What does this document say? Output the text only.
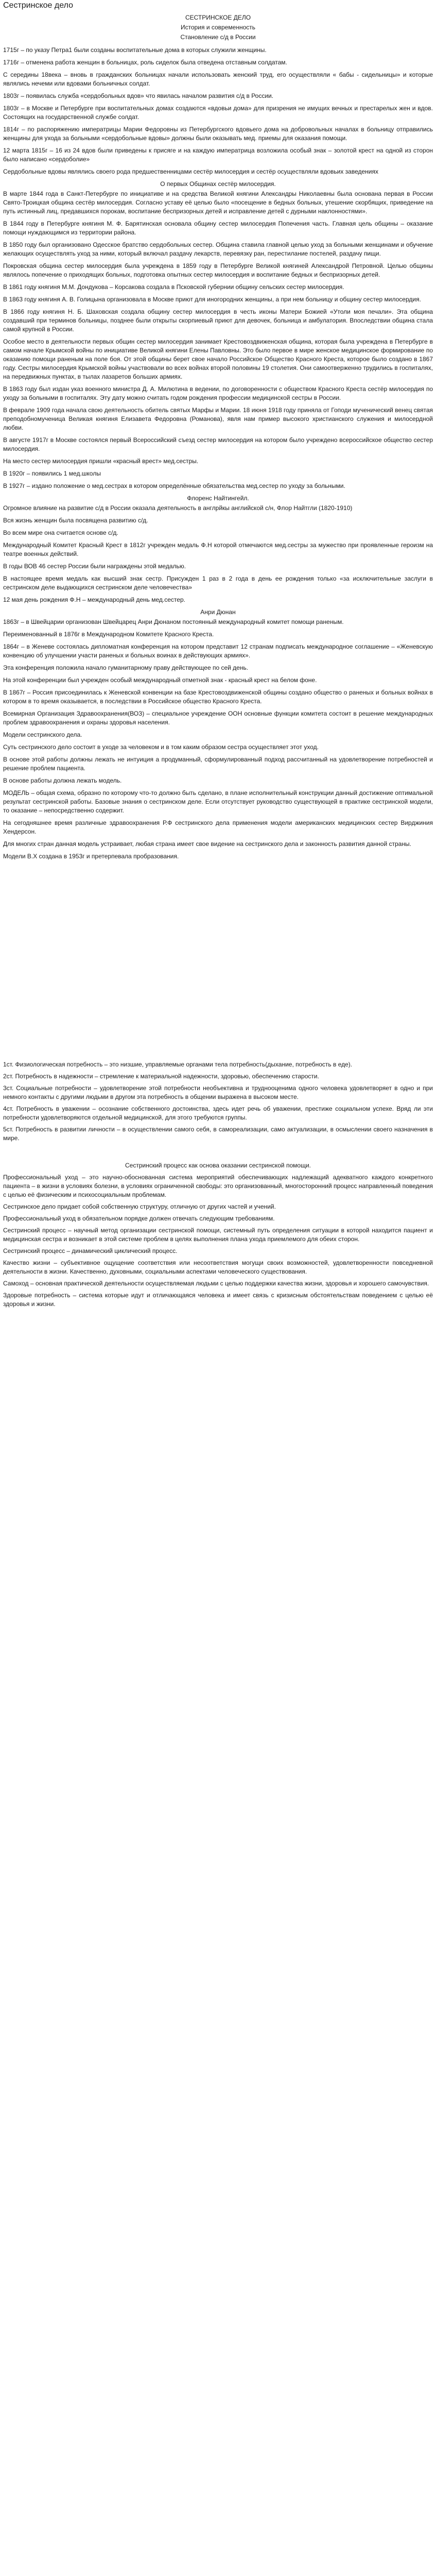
Сестринское дело

СЕСТРИНСКОЕ ДЕЛО

История и современность

Становление с/д в России

1715г – по указу Петра1 были созданы воспитательные дома в которых служили женщины.

1716г – отменена работа женщин в больницах, роль сиделок была отведена отставным солдатам.

С середины 18века – вновь в гражданских больницах начали использовать женский труд, его осуществляли « бабы - сидельницы» и которые являлись нечеми или вдовами больничных солдат.

1803г – появилась служба «сердобольных вдов» что явилась началом развития с/д в России.

1803г – в Москве и Петербурге при воспитательных домах создаются «вдовьи дома» для призрения не имущих вечных и престарелых жен и вдов. Состоящих на государственной службе солдат.

1814г – по распоряжению императрицы Марии Федоровны из Петербургского вдовьего дома на добровольных началах в больницу отправились женщины для ухода за больными «сердобольные вдовы» должны были оказывать мед. приемы для оказания помощи.

12 марта 1815г – 16 из 24 вдов были приведены к присяге и на каждую императрица возложила особый знак – золотой крест на одной из сторон было написано «сердоболие»

Сердобольные вдовы являлись своего рода предшественницами сестёр милосердия и сестёр осуществляли вдовьих заведениях

О первых Общинах сестёр милосердия.

В марте 1844 года в Санкт-Петербурге по инициативе и на средства Великой княгини Александры Николаевны была основана первая в России Свято-Троицкая община сестёр милосердия. Согласно уставу её целью было «посещение в бедных больных, утешение скорбящих, приведение на путь истинный лиц, предавшихся порокам, воспитание беспризорных детей и исправление детей с дурными наклонностями».

В 1844 году в Петербурге княгиня М. Ф. Барятинская основала общину сестер милосердия Попечения часть. Главная цель общины – оказание помощи нуждающимся из территории района.

В 1850 году был организовано Одесское братство сердобольных сестер. Община ставила главной целью уход за больными женщинами и обучение желающих осуществлять уход за ними, который включал раздачу лекарств, перевязку ран, перестилание постелей, раздачу пищи.

Покровская община сестер милосердия была учреждена в 1859 году в Петербурге Великой княгиней Александрой Петровной. Целью общины являлось попечение о приходящих больных, подготовка опытных сестер милосердия и воспитание бедных и беспризорных детей.

В 1861 году княгиня М.М. Дондукова – Корсакова создала в Псковской губернии общину сельских сестер милосердия.

В 1863 году княгиня А. В. Голицына организовала в Москве приют для иногородних женщины, а при нем больницу и общину сестер милосердия.

В 1866 году княгиня Н. Б. Шаховская создала общину сестер милосердия в честь иконы Матери Божией «Утоли моя печали». Эта община создавший при терминов больницы, позднее были открыты скорпиевый приют для девочек, больница и амбулатория. Впоследствии община стала самой крупной в России.

Особое место в деятельности первых общин сестер милосердия занимает Крестовоздвиженская община, которая была учреждена в Петербурге в самом начале Крымской войны по инициативе Великой княгини Елены Павловны. Это было первое в мире женское медицинское формирование по оказанию помощи раненым на поле боя. От этой общины берет свое начало Российское Общество Красного Креста, которое было создано в 1867 году. Сестры милосердия Крымской войны участвовали во всех войнах второй половины 19 столетия. Они самоотверженно трудились в госпиталях, на передвижных пунктах, в тылах лазаретов больших армиях.

В 1863 году был издан указ военного министра Д. А. Милютина в ведении, по договоренности с обществом Красного Креста сестёр милосердия по уходу за больными в госпиталях. Эту дату можно считать годом рождения профессии медицинской сестры в России.

В феврале 1909 года начала свою деятельность обитель святых Марфы и Марии. 18 июня 1918 году приняла от Гоподи мученический венец святая преподобномученица Великая княгиня Елизавета Федоровна (Романова), явля нам пример высокого христианского служения и милосердной любви.

В августе 1917г в Москве состоялся первый Всероссийский съезд сестер милосердия на котором было учреждено всероссийское общество сестер милосердия.

На место сестер милосердия пришли «красный врест» мед.сестры.

В 1920г – появились 1 мед.школы

В 1927г – издано положение о мед.сестрах в котором определённые обязательства мед.сестер по уходу за больными.

Флоренс Найтингейл.

Огромное влияние на развитие с/д в России оказала деятельность в англрйкы английской с/н, Флор Найтгли (1820-1910)

Вся жизнь женщин была посвящена развитию с/д.

Во всем мире она считается основе с/д.

Международный Комитет Красный Крест в 1812г учрежден медаль Ф.Н которой отмечаются мед.сестры за мужество при проявленные героизм на театре военных действий.

В годы ВОВ 46 сестер России были награждены этой медалью.

В настоящее время медаль как высший знак сестр. Присужден 1 раз в 2 года в день ее рождения только «за исключительные заслуги в сестринском деле выдающихся сестринском деле человечества»

12 мая день рождения Ф.Н – международный день мед.сестер.

Анри Дюнан

1863г – в Швейцарии организован Швейцарец Анри Дюнаном постоянный международный комитет помощи раненым.

Переименованный в 1876г в Международном Комитете Красного Креста.

1864г – в Женеве состоялась дипломатная конференция на котором представит 12 странам подписать международное соглашение – «Женевскую конвенцию об улучшении участи раненых и больных воинах в действующих армиях».

Эта конференция положила начало гуманитарному праву действующее по сей день.

На этой конференции был учрежден особый международный отметной знак - красный крест на белом фоне.

В 1867г – Россия присоединилась к Женевской конвенции на базе Крестовоздвиженской общины создано общество о раненых и больных войнах в котором в то время оказывается, в последствии в Российское общество Красного Креста.

Всемирная Организация Здравоохранения(ВОЗ) – специальное учреждение ООН основные функции комитета состоит в решение международных проблем здравоохранения и охраны здоровья населения.

Модели сестринского дела.

Суть сестринского дело состоит в уходе за человеком и в том каким образом сестра осуществляет этот уход.

В основе этой работы должны лежать не интуиция а продуманный, сформулированный подход рассчитанный на удовлетворение потребностей и решение проблем пациента.

В основе работы должна лежать модель.

МОДЕЛЬ – общая схема, образно по которому что-то должно быть сделано, в плане исполнительный конструкции данный достижение оптимальной результат сестринской работы. Базовые знания о сестринском деле. Если отсутствует руководство существующей в практике сестринской модели, то оказание – непосредственно содержит.

На сегодняшнее время различные здравоохранения Р.Ф сестринского дела применения модели американских медицинских сестер Вирджиния Хендерсон.

Для многих стран данная модель устраивает, любая страна имеет свое видение на сестринского дела и законность развития данной страны.

Модели В.Х создана в 1953г и претерпевала пробразования.

1ст. Физиологическая потребность – это низшие, управляемые органами тела потребность(дыхание, потребность в еде).

2ст. Потребность в надежности – стремление к материальной надежности, здоровью, обеспечению старости.

3ст. Социальные потребности – удовлетворение этой потребности необъективна и труднооценима одного человека удовлетворяет в одно и при немного контакты с другими людьми в другом эта потребность в общении выражена в высоком месте.

4ст. Потребность в уважении – осознание собственного достоинства, здесь идет речь об уважении, престиже социальном успехе. Вряд ли эти потребности удовлетворяются отдельной медицинской, для этого требуются группы.

5ст. Потребность в развитии личности – в осуществлении самого себя, в самореализации, само актуализации, в осмыслении своего назначения в мире.

Сестринский процесс как основа оказании сестринской помощи.

Профессиональный уход – это научно-обоснованная система мероприятий обеспечивающих надлежащий адекватного каждого конкретного пациента – в жизни в условиях болезни, в условиях ограниченной свободы: это организованный, многосторонний процесс направленный поведения с целью её физическим и психосоциальным проблемам.

Сестринское дело придает собой собственную структуру, отличную от других частей и учений.

Профессиональный уход в обязательном порядке должен отвечать следующим требованиям.

Сестринский процесс – научный метод организации сестринской помощи, системный путь определения ситуации в которой находится пациент и медицинская сестра и возникает в этой системе проблем в целях выполнения плана ухода приемлемого для обеих сторон.

Сестринский процесс – динамический циклический процесс.

Качество жизни – субъективное ощущение соответствия или несоответствия могущи своих возможностей, удовлетворенности повседневной деятельности в жизни. Качественно, духовными, социальными аспектами человеческого существования.

Самоход – основная практической деятельности осуществляемая людьми с целью поддержки качества жизни, здоровья и хорошего самочувствия.

Здоровые потребность – система которые идут и отличающаяся человека и имеет связь с кризисным обстоятельствам поведением с целью её здоровья и жизни.
